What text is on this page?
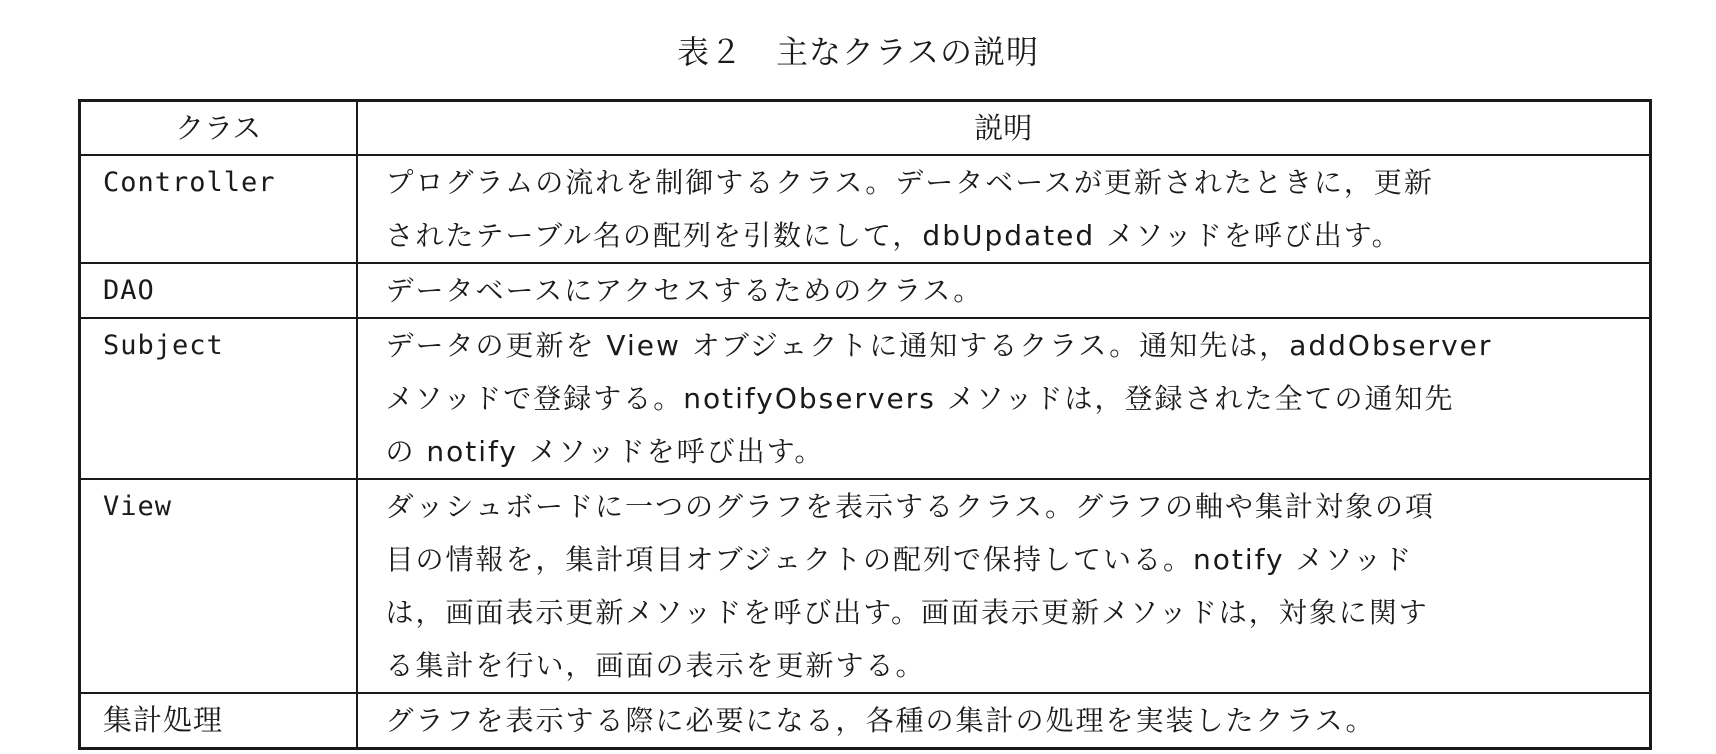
表２　主なクラスの説明
クラス	説明
Controller	プログラムの流れを制御するクラス。データベースが更新されたときに，更新
されたテーブル名の配列を引数にして，dbUpdated メソッドを呼び出す。

DAO	データベースにアクセスするためのクラス。

Subject	データの更新を View オブジェクトに通知するクラス。通知先は，addObserver
メソッドで登録する。notifyObservers メソッドは，登録された全ての通知先
の notify メソッドを呼び出す。

View	ダッシュボードに一つのグラフを表示するクラス。グラフの軸や集計対象の項
目の情報を，集計項目オブジェクトの配列で保持している。notify メソッド
は，画面表示更新メソッドを呼び出す。画面表示更新メソッドは，対象に関す
る集計を行い，画面の表示を更新する。

集計処理	グラフを表示する際に必要になる，各種の集計の処理を実装したクラス。
